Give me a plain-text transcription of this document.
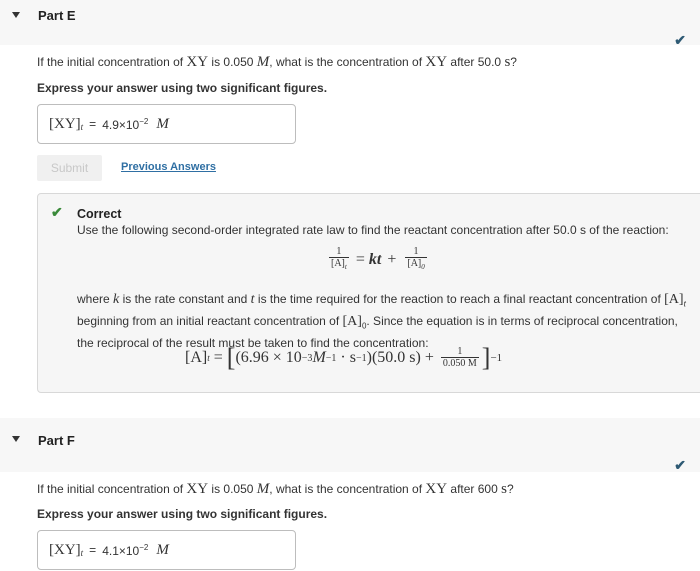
Part E
✔
If the initial concentration of XY is 0.050 M, what is the concentration of XY after 50.0 s?
Express your answer using two significant figures.
$[XY]_t = 4.9\times 10^{-2}$ M
Submit	Previous Answers
✔ Correct
Use the following second-order integrated rate law to find the reactant concentration after 50.0 s of the reaction:
$\frac{1}{[A]_t}$ = kt + $\frac{1}{[A]_0}$
where k is the rate constant and t is the time required for the reaction to reach a final reactant concentration of $[A]_t$ beginning from an initial reactant concentration of $[A]_0$. Since the equation is in terms of reciprocal concentration, the reciprocal of the result must be taken to find the concentration:
[A] t = [ (6.96 × 10 −3 M −1 · s −1 ) (50.0 $s) + \frac{1}{0.050 M}$ ] −1
Part F
✔
If the initial concentration of XY is 0.050 M, what is the concentration of XY after 600 s?
Express your answer using two significant figures.
$[XY]_t = 4.1\times 10^{-2}$ M
